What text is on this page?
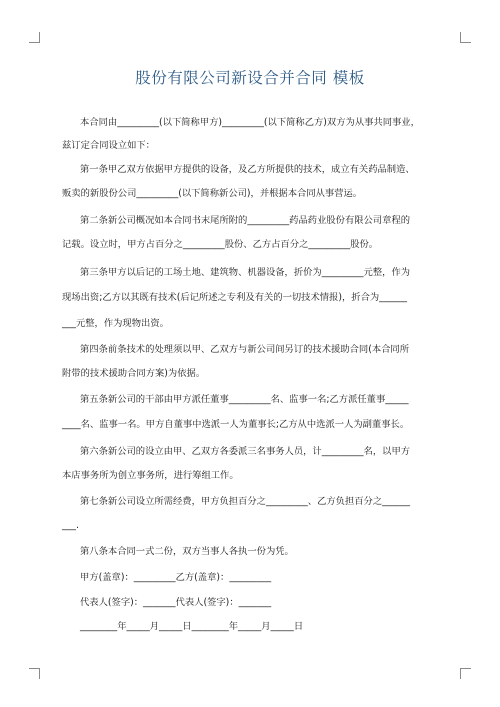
股份有限公司新设合并合同 模板
本合同由_________(以下简称甲方)_________(以下简称乙方)双方为从事共同事业，
兹订定合同设立如下：
第一条甲乙双方依据甲方提供的设备，及乙方所提供的技术，成立有关药品制造、
贩卖的新股份公司_________(以下简称新公司)，并根据本合同从事营运。
第二条新公司概况如本合同书末尾所附的_________药品药业股份有限公司章程的
记载。设立时，甲方占百分之_________股份、乙方占百分之_________股份。
第三条甲方以后记的工场土地、建筑物、机器设备，折价为_________元整，作为
现场出资;乙方以其既有技术(后记所述之专利及有关的一切技术情报)，折合为______
___元整，作为现物出资。
第四条前条技术的处理须以甲、乙双方与新公司间另订的技术援助合同(本合同所
附带的技术援助合同方案)为依据。
第五条新公司的干部由甲方派任董事_________名、监事一名;乙方派任董事_____
____名、监事一名。甲方自董事中选派一人为董事长;乙方从中选派一人为副董事长。
第六条新公司的设立由甲、乙双方各委派三名事务人员，计_________名，以甲方
本店事务所为创立事务所，进行筹组工作。
第七条新公司设立所需经费，甲方负担百分之_________、乙方负担百分之______
___.
第八条本合同一式二份，双方当事人各执一份为凭。
甲方(盖章)：_________乙方(盖章)：_________
代表人(签字)：_______代表人(签字)：_______
________年_____月_____日________年_____月_____日
